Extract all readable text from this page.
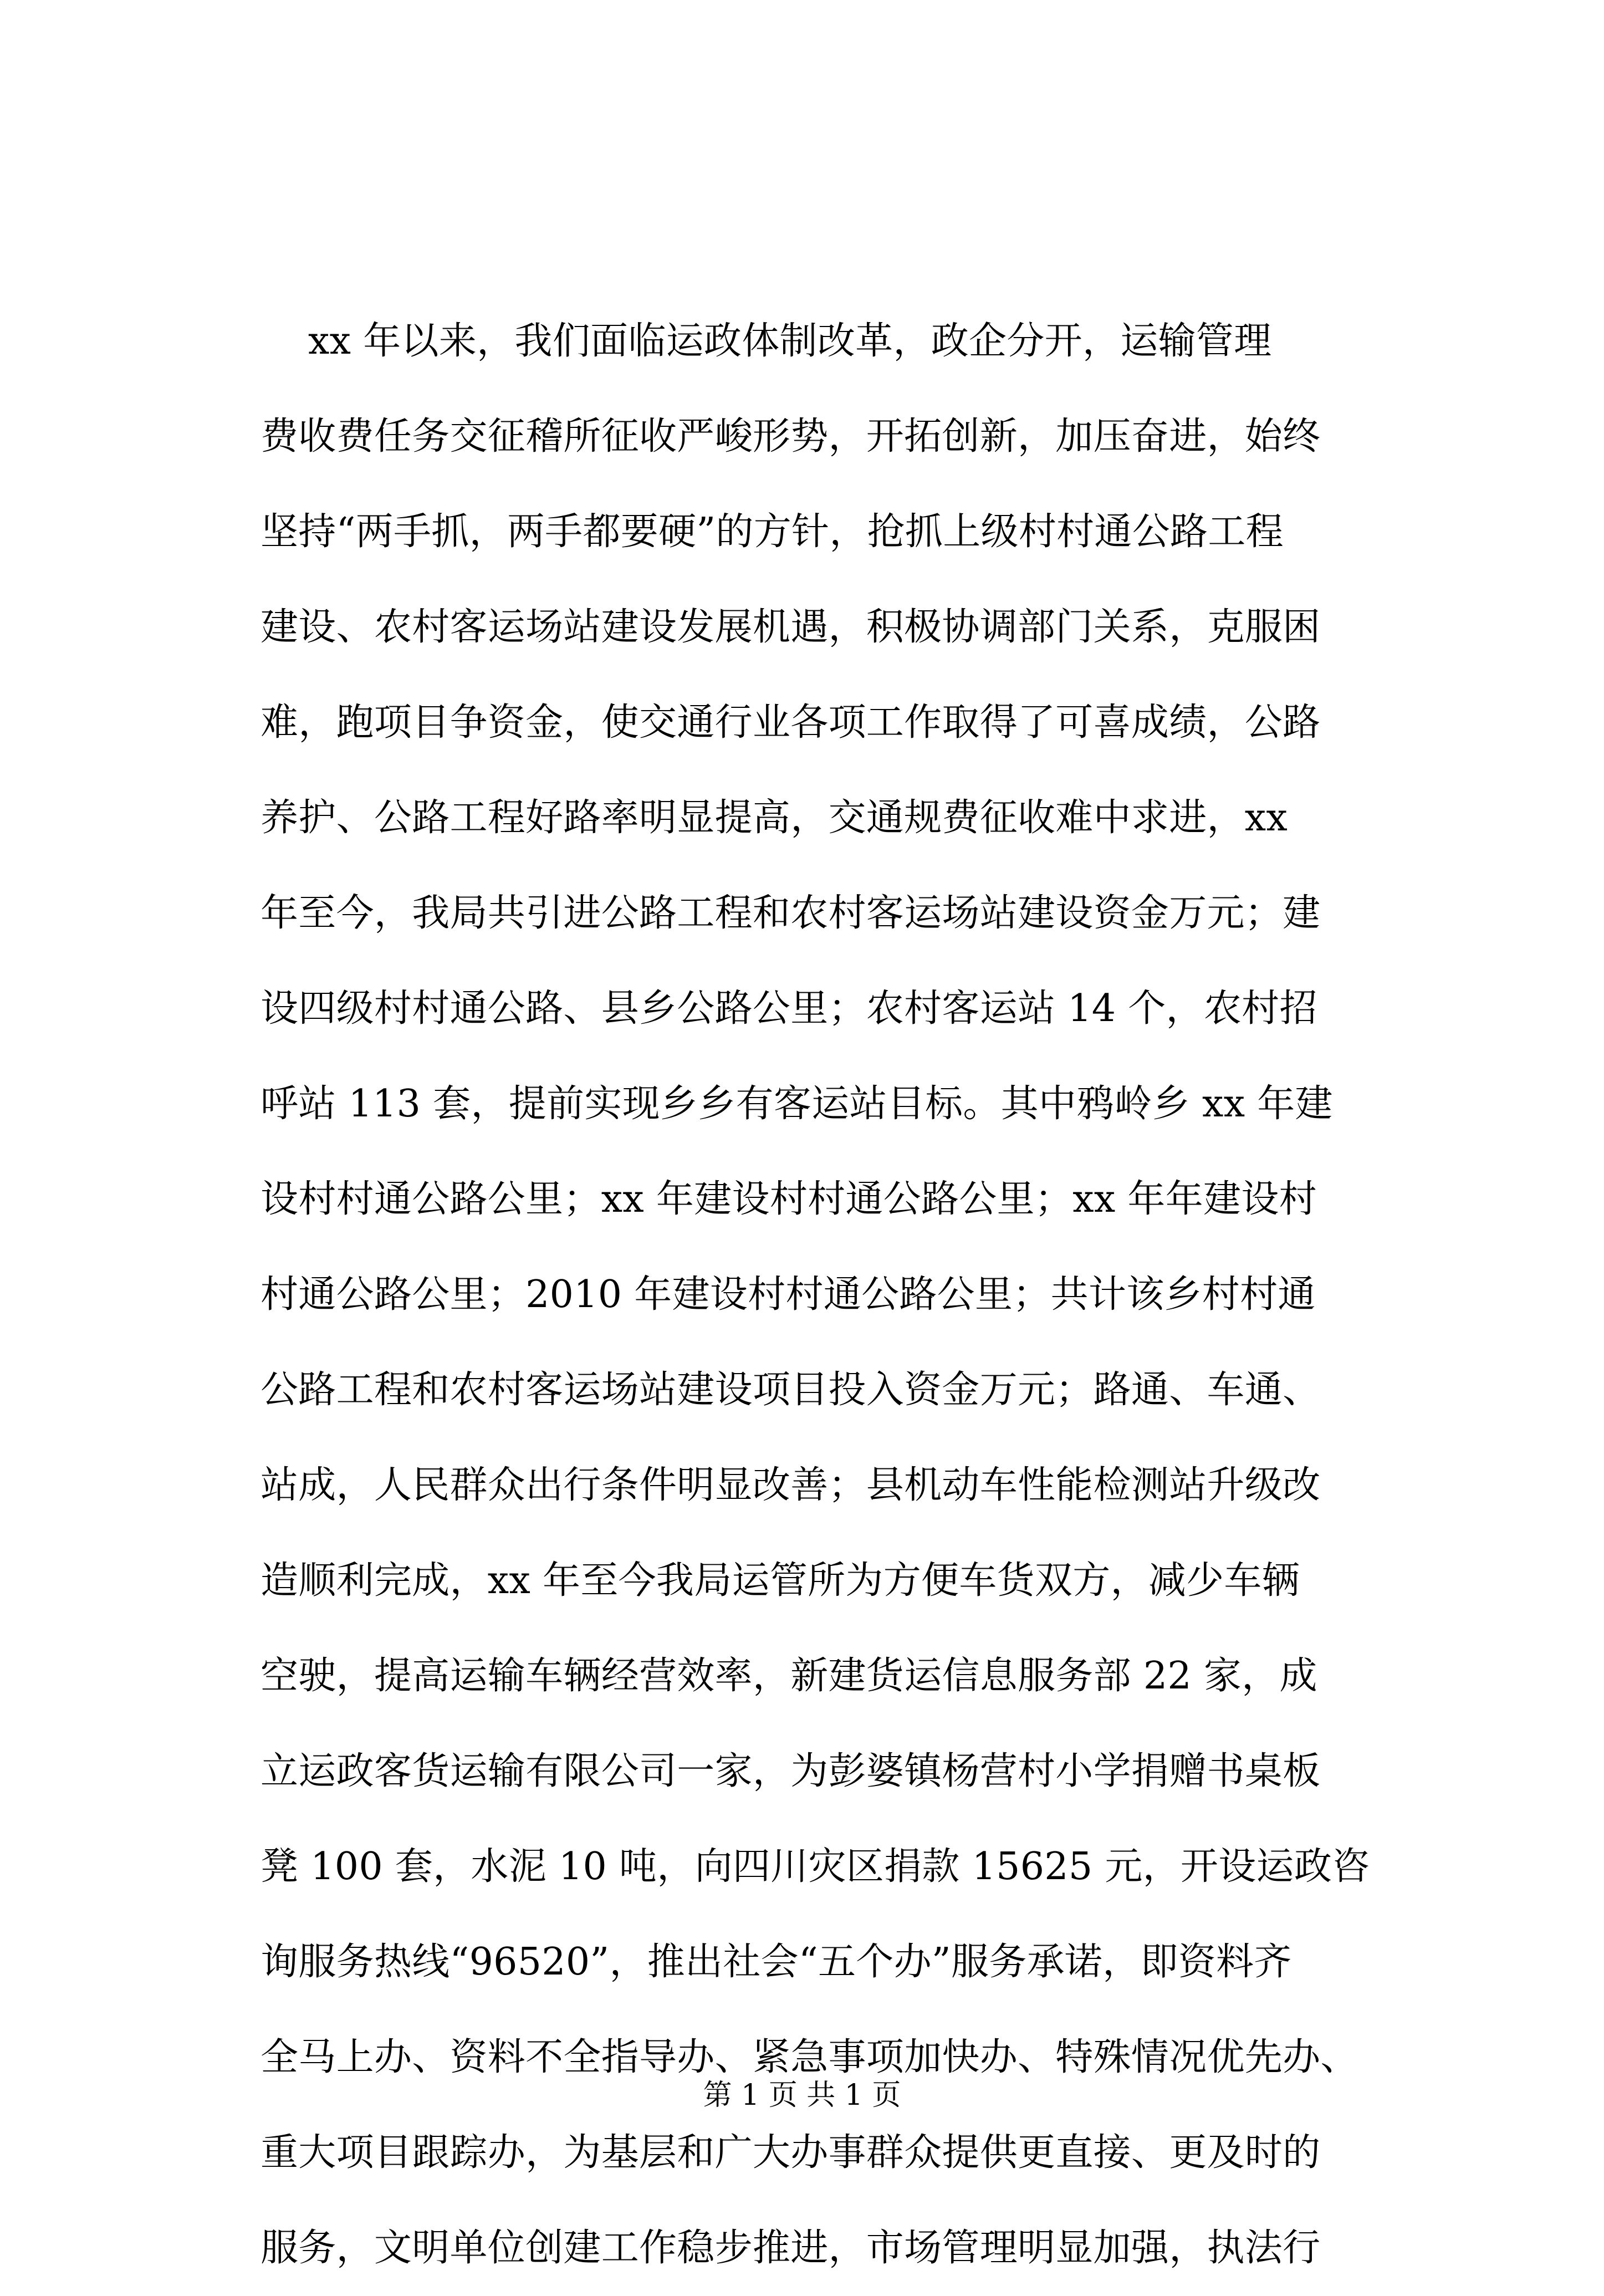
xx 年以来，我们面临运政体制改革，政企分开，运输管理
费收费任务交征稽所征收严峻形势，开拓创新，加压奋进，始终
坚持“两手抓，两手都要硬”的方针，抢抓上级村村通公路工程
建设、农村客运场站建设发展机遇，积极协调部门关系，克服困
难，跑项目争资金，使交通行业各项工作取得了可喜成绩，公路
养护、公路工程好路率明显提高，交通规费征收难中求进，xx
年至今，我局共引进公路工程和农村客运场站建设资金万元；建
设四级村村通公路、县乡公路公里；农村客运站 14 个，农村招
呼站 113 套，提前实现乡乡有客运站目标。其中鸦岭乡 xx 年建
设村村通公路公里；xx 年建设村村通公路公里；xx 年年建设村
村通公路公里；2010 年建设村村通公路公里；共计该乡村村通
公路工程和农村客运场站建设项目投入资金万元；路通、车通、
站成，人民群众出行条件明显改善；县机动车性能检测站升级改
造顺利完成，xx 年至今我局运管所为方便车货双方，减少车辆
空驶，提高运输车辆经营效率，新建货运信息服务部 22 家，成
立运政客货运输有限公司一家，为彭婆镇杨营村小学捐赠书桌板
凳 100 套，水泥 10 吨，向四川灾区捐款 15625 元，开设运政咨
询服务热线“96520”，推出社会“五个办”服务承诺，即资料齐
全马上办、资料不全指导办、紧急事项加快办、特殊情况优先办、
重大项目跟踪办，为基层和广大办事群众提供更直接、更及时的
服务，文明单位创建工作稳步推进，市场管理明显加强，执法行
第 1 页 共 1 页
